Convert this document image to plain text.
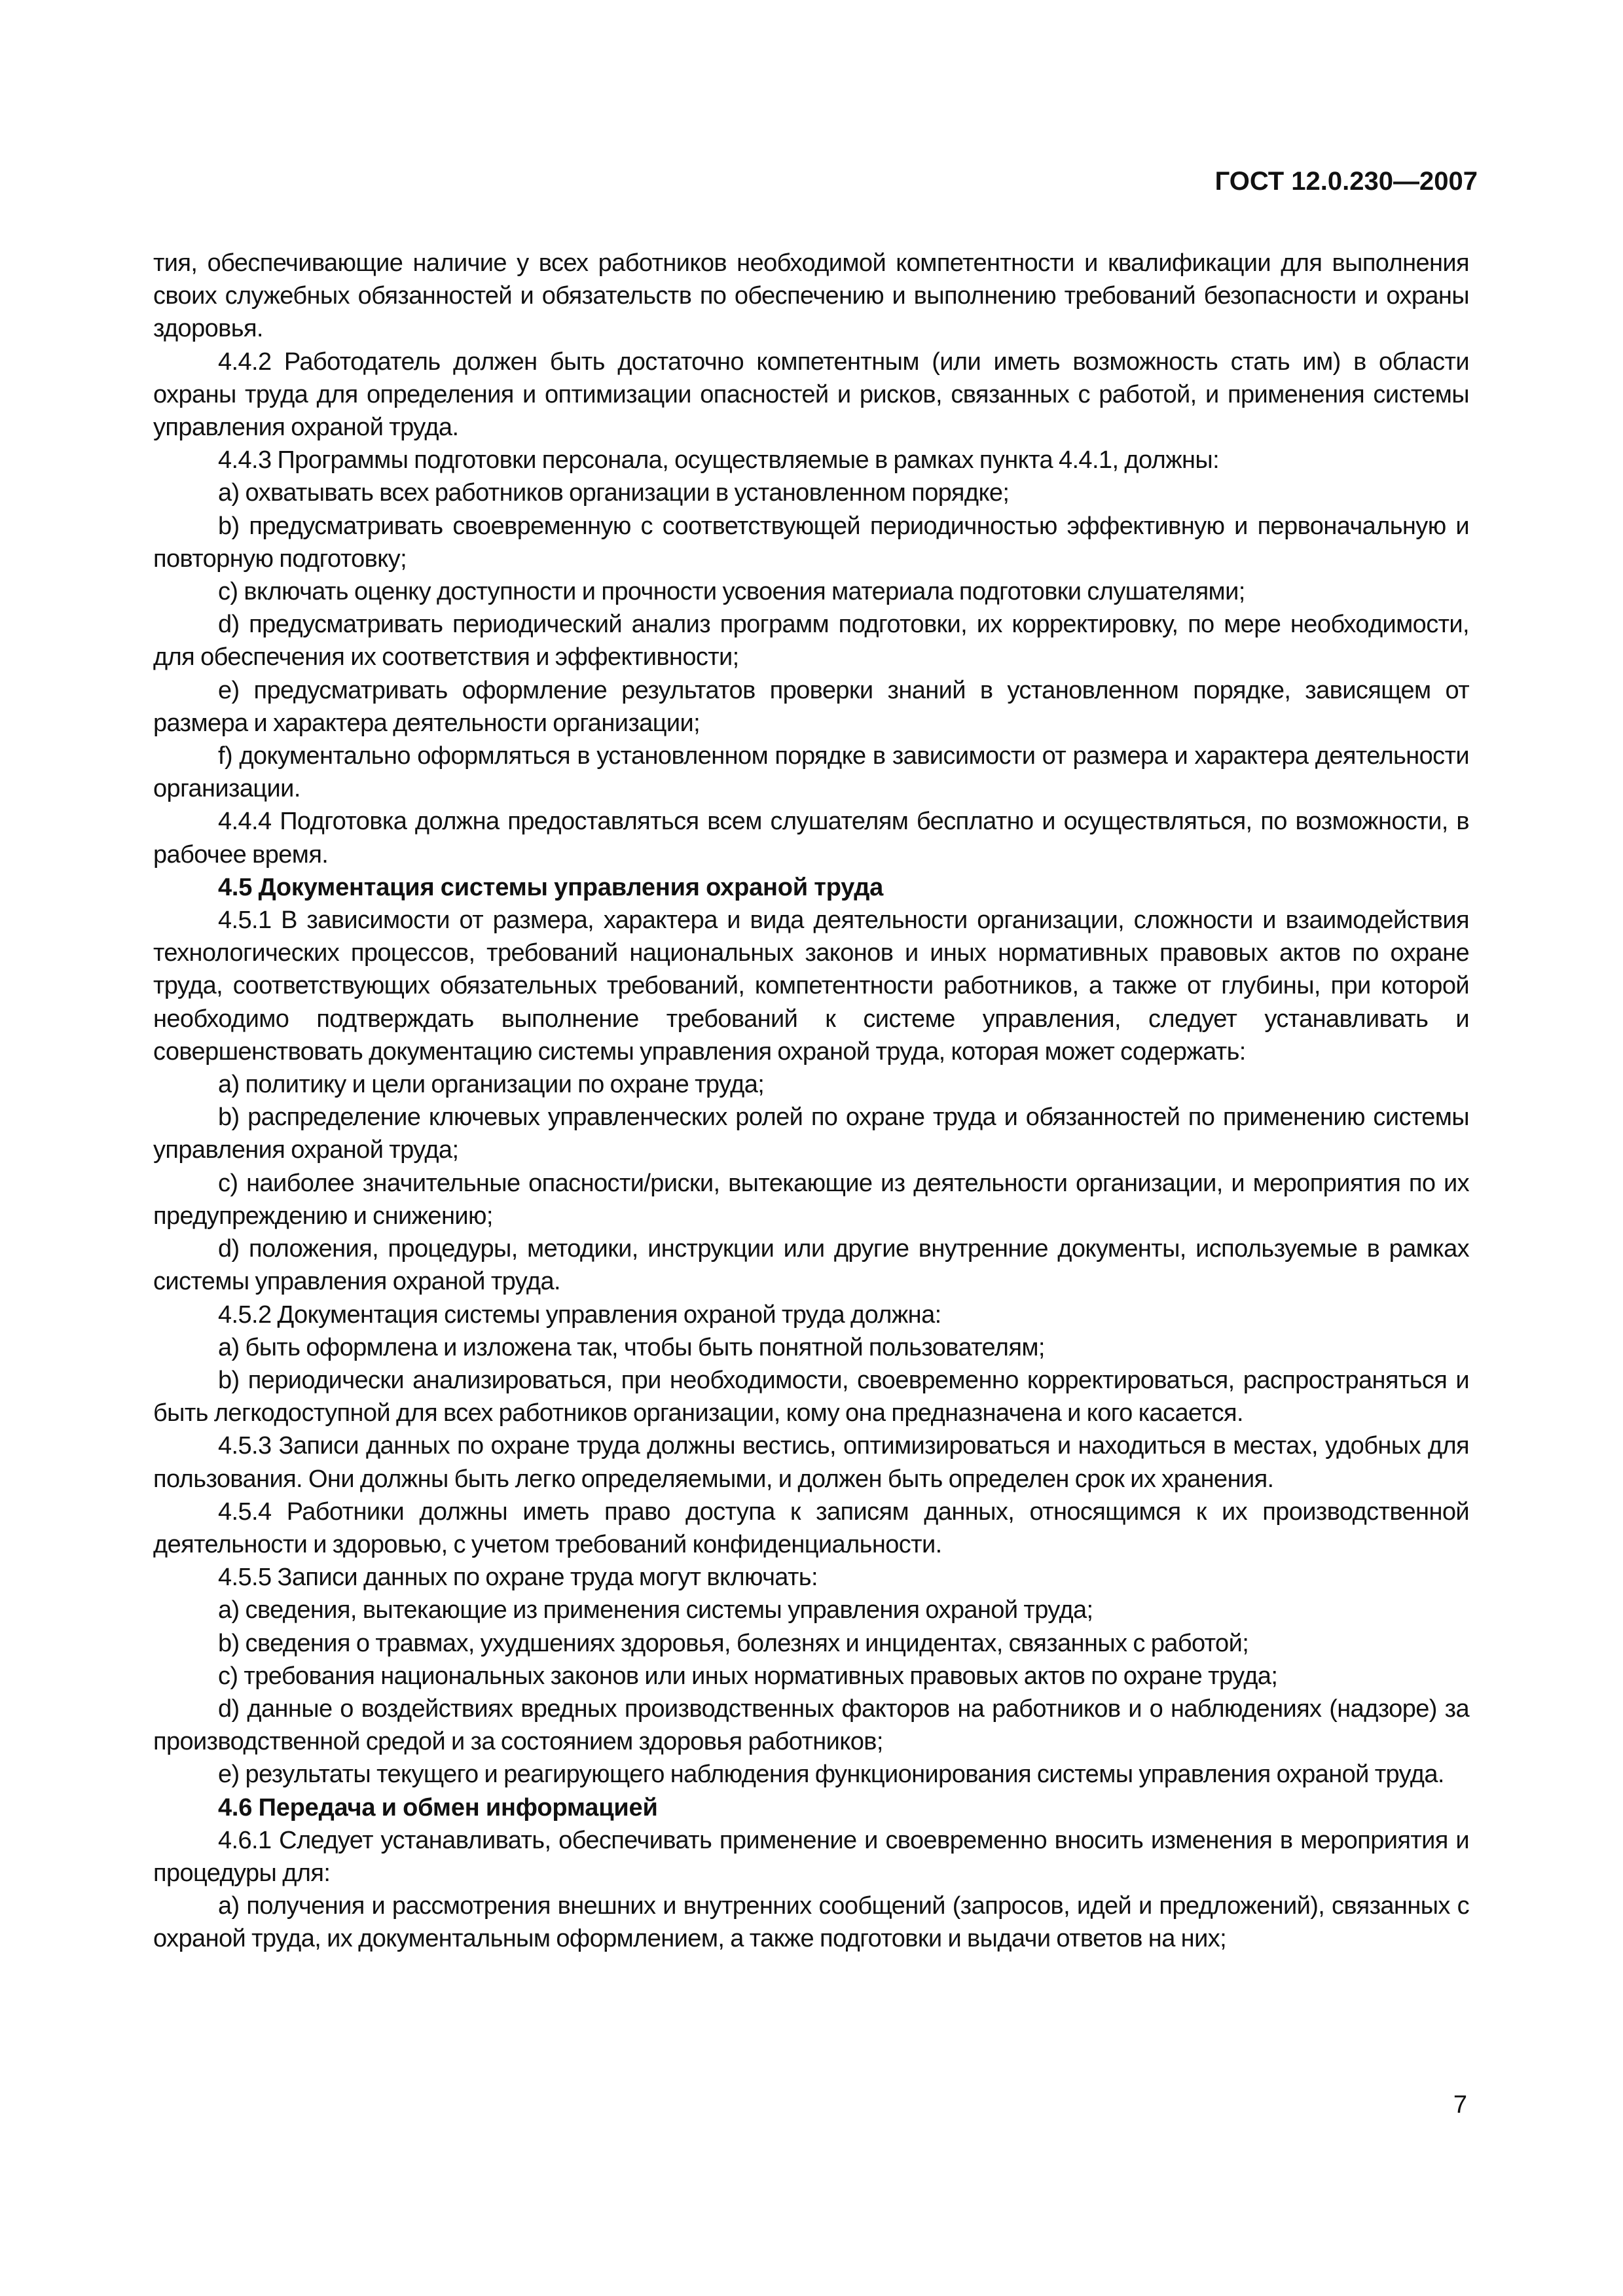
ГОСТ 12.0.230—2007

тия, обеспечивающие наличие у всех работников необходимой компетентности и квалификации для выполнения своих служебных обязанностей и обязательств по обеспечению и выполнению требований безопасности и охраны здоровья.

4.4.2 Работодатель должен быть достаточно компетентным (или иметь возможность стать им) в области охраны труда для определения и оптимизации опасностей и рисков, связанных с работой, и применения системы управления охраной труда.

4.4.3 Программы подготовки персонала, осуществляемые в рамках пункта 4.4.1, должны:

a) охватывать всех работников организации в установленном порядке;

b) предусматривать своевременную с соответствующей периодичностью эффективную и первоначальную и повторную подготовку;

c) включать оценку доступности и прочности усвоения материала подготовки слушателями;

d) предусматривать периодический анализ программ подготовки, их корректировку, по мере необходимости, для обеспечения их соответствия и эффективности;

e) предусматривать оформление результатов проверки знаний в установленном порядке, зависящем от размера и характера деятельности организации;

f) документально оформляться в установленном порядке в зависимости от размера и характера деятельности организации.

4.4.4 Подготовка должна предоставляться всем слушателям бесплатно и осуществляться, по возможности, в рабочее время.

4.5 Документация системы управления охраной труда

4.5.1 В зависимости от размера, характера и вида деятельности организации, сложности и взаимодействия технологических процессов, требований национальных законов и иных нормативных правовых актов по охране труда, соответствующих обязательных требований, компетентности работников, а также от глубины, при которой необходимо подтверждать выполнение требований к системе управления, следует устанавливать и совершенствовать документацию системы управления охраной труда, которая может содержать:

a) политику и цели организации по охране труда;

b) распределение ключевых управленческих ролей по охране труда и обязанностей по применению системы управления охраной труда;

c) наиболее значительные опасности/риски, вытекающие из деятельности организации, и мероприятия по их предупреждению и снижению;

d) положения, процедуры, методики, инструкции или другие внутренние документы, используемые в рамках системы управления охраной труда.

4.5.2 Документация системы управления охраной труда должна:

a) быть оформлена и изложена так, чтобы быть понятной пользователям;

b) периодически анализироваться, при необходимости, своевременно корректироваться, распространяться и быть легкодоступной для всех работников организации, кому она предназначена и кого касается.

4.5.3 Записи данных по охране труда должны вестись, оптимизироваться и находиться в местах, удобных для пользования. Они должны быть легко определяемыми, и должен быть определен срок их хранения.

4.5.4 Работники должны иметь право доступа к записям данных, относящимся к их производственной деятельности и здоровью, с учетом требований конфиденциальности.

4.5.5 Записи данных по охране труда могут включать:

a) сведения, вытекающие из применения системы управления охраной труда;

b) сведения о травмах, ухудшениях здоровья, болезнях и инцидентах, связанных с работой;

c) требования национальных законов или иных нормативных правовых актов по охране труда;

d) данные о воздействиях вредных производственных факторов на работников и о наблюдениях (надзоре) за производственной средой и за состоянием здоровья работников;

e) результаты текущего и реагирующего наблюдения функционирования системы управления охраной труда.

4.6 Передача и обмен информацией

4.6.1 Следует устанавливать, обеспечивать применение и своевременно вносить изменения в мероприятия и процедуры для:

а) получения и рассмотрения внешних и внутренних сообщений (запросов, идей и предложений), связанных с охраной труда, их документальным оформлением, а также подготовки и выдачи ответов на них;

7
